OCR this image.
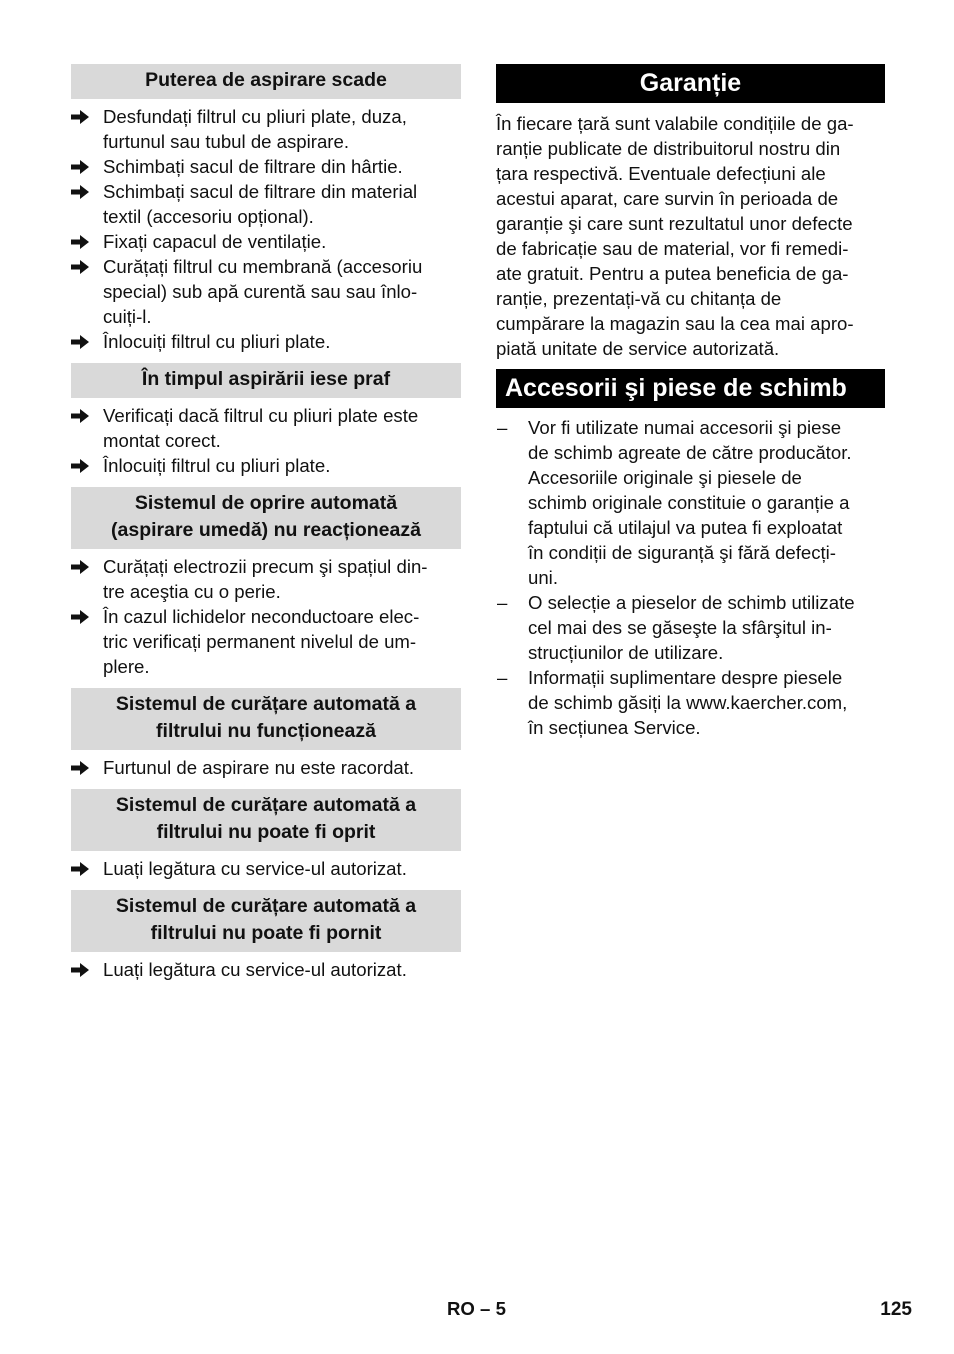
Puterea de aspirare scade
Desfundați filtrul cu pliuri plate, duza,
furtunul sau tubul de aspirare.
Schimbați sacul de filtrare din hârtie.
Schimbați sacul de filtrare din material
textil (accesoriu opțional).
Fixați capacul de ventilație.
Curățați filtrul cu membrană (accesoriu
special) sub apă curentă sau sau înlo-
cuiți-l.
Înlocuiți filtrul cu pliuri plate.
În timpul aspirării iese praf
Verificați dacă filtrul cu pliuri plate este
montat corect.
Înlocuiți filtrul cu pliuri plate.
Sistemul de oprire automată
(aspirare umedă) nu reacționează
Curățați electrozii precum şi spațiul din-
tre aceştia cu o perie.
În cazul lichidelor neconductoare elec-
tric verificați permanent nivelul de um-
plere.
Sistemul de curățare automată a
filtrului nu funcționează
Furtunul de aspirare nu este racordat.
Sistemul de curățare automată a
filtrului nu poate fi oprit
Luați legătura cu service-ul autorizat.
Sistemul de curățare automată a
filtrului nu poate fi pornit
Luați legătura cu service-ul autorizat.
Garanție
În fiecare țară sunt valabile condițiile de ga-
ranție publicate de distribuitorul nostru din
țara respectivă. Eventuale defecțiuni ale
acestui aparat, care survin în perioada de
garanție şi care sunt rezultatul unor defecte
de fabricație sau de material, vor fi remedi-
ate gratuit. Pentru a putea beneficia de ga-
ranție, prezentați-vă cu chitanța de
cumpărare la magazin sau la cea mai apro-
piată unitate de service autorizată.
Accesorii şi piese de schimb
– Vor fi utilizate numai accesorii şi piese
de schimb agreate de către producător.
Accesoriile originale şi piesele de
schimb originale constituie o garanție a
faptului că utilajul va putea fi exploatat
în condiții de siguranță şi fără defecți-
uni.
– O selecție a pieselor de schimb utilizate
cel mai des se găseşte la sfârşitul in-
strucțiunilor de utilizare.
– Informații suplimentare despre piesele
de schimb găsiți la www.kaercher.com,
în secțiunea Service.
RO – 5	125
